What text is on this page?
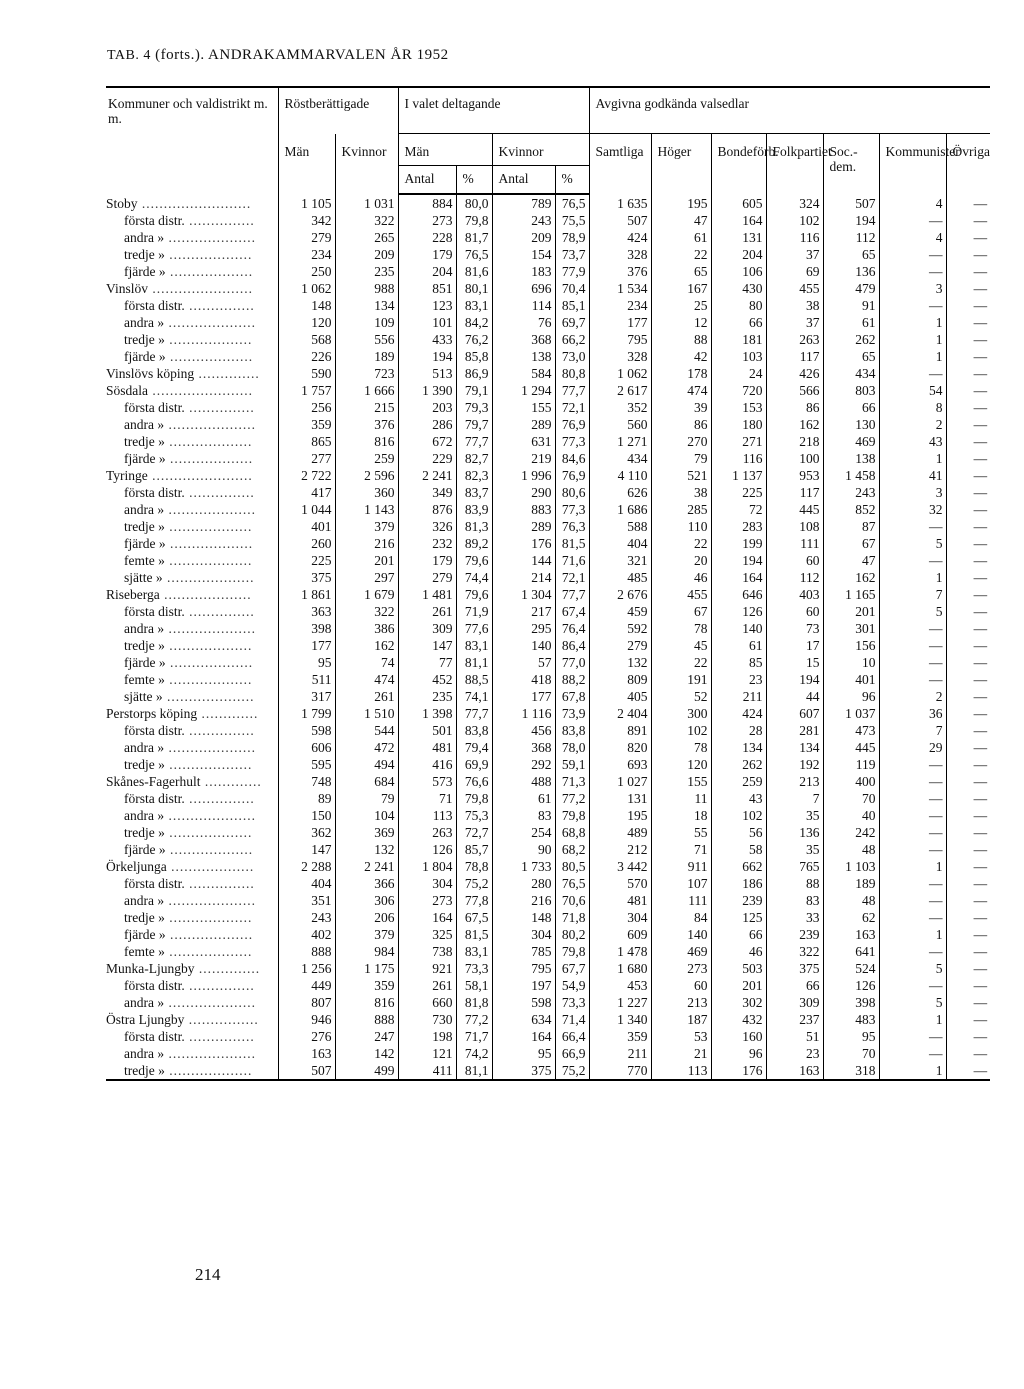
TAB. 4 (forts.). ANDRAKAMMARVALEN ÅR 1952
Kommuner och valdistrikt m. m.	Röstberättigade		I valet deltagande				Avgivna godkända valsedlar						
	Män	Kvinnor	Män		Kvinnor		Samtliga	Höger	Bondeförb.	Folkpartiet	Soc.-dem.	Kommunister	Övriga
			Antal	%	Antal	%							
Stoby .........................	1 105	1 031	884	80,0	789	76,5	1 635	195	605	324	507	4	—
första distr. ...............	342	322	273	79,8	243	75,5	507	47	164	102	194	—	—
andra » ....................	279	265	228	81,7	209	78,9	424	61	131	116	112	4	—
tredje » ...................	234	209	179	76,5	154	73,7	328	22	204	37	65	—	—
fjärde » ...................	250	235	204	81,6	183	77,9	376	65	106	69	136	—	—
Vinslöv .......................	1 062	988	851	80,1	696	70,4	1 534	167	430	455	479	3	—
första distr. ...............	148	134	123	83,1	114	85,1	234	25	80	38	91	—	—
andra » ....................	120	109	101	84,2	76	69,7	177	12	66	37	61	1	—
tredje » ...................	568	556	433	76,2	368	66,2	795	88	181	263	262	1	—
fjärde » ...................	226	189	194	85,8	138	73,0	328	42	103	117	65	1	—
Vinslövs köping ..............	590	723	513	86,9	584	80,8	1 062	178	24	426	434	—	—
Sösdala .......................	1 757	1 666	1 390	79,1	1 294	77,7	2 617	474	720	566	803	54	—
första distr. ...............	256	215	203	79,3	155	72,1	352	39	153	86	66	8	—
andra » ....................	359	376	286	79,7	289	76,9	560	86	180	162	130	2	—
tredje » ...................	865	816	672	77,7	631	77,3	1 271	270	271	218	469	43	—
fjärde » ...................	277	259	229	82,7	219	84,6	434	79	116	100	138	1	—
Tyringe .......................	2 722	2 596	2 241	82,3	1 996	76,9	4 110	521	1 137	953	1 458	41	—
första distr. ...............	417	360	349	83,7	290	80,6	626	38	225	117	243	3	—
andra » ....................	1 044	1 143	876	83,9	883	77,3	1 686	285	72	445	852	32	—
tredje » ...................	401	379	326	81,3	289	76,3	588	110	283	108	87	—	—
fjärde » ...................	260	216	232	89,2	176	81,5	404	22	199	111	67	5	—
femte » ...................	225	201	179	79,6	144	71,6	321	20	194	60	47	—	—
sjätte » ....................	375	297	279	74,4	214	72,1	485	46	164	112	162	1	—
Riseberga ....................	1 861	1 679	1 481	79,6	1 304	77,7	2 676	455	646	403	1 165	7	—
första distr. ...............	363	322	261	71,9	217	67,4	459	67	126	60	201	5	—
andra » ....................	398	386	309	77,6	295	76,4	592	78	140	73	301	—	—
tredje » ...................	177	162	147	83,1	140	86,4	279	45	61	17	156	—	—
fjärde » ...................	95	74	77	81,1	57	77,0	132	22	85	15	10	—	—
femte » ...................	511	474	452	88,5	418	88,2	809	191	23	194	401	—	—
sjätte » ....................	317	261	235	74,1	177	67,8	405	52	211	44	96	2	—
Perstorps köping .............	1 799	1 510	1 398	77,7	1 116	73,9	2 404	300	424	607	1 037	36	—
första distr. ...............	598	544	501	83,8	456	83,8	891	102	28	281	473	7	—
andra » ....................	606	472	481	79,4	368	78,0	820	78	134	134	445	29	—
tredje » ...................	595	494	416	69,9	292	59,1	693	120	262	192	119	—	—
Skånes-Fagerhult .............	748	684	573	76,6	488	71,3	1 027	155	259	213	400	—	—
första distr. ...............	89	79	71	79,8	61	77,2	131	11	43	7	70	—	—
andra » ....................	150	104	113	75,3	83	79,8	195	18	102	35	40	—	—
tredje » ...................	362	369	263	72,7	254	68,8	489	55	56	136	242	—	—
fjärde » ...................	147	132	126	85,7	90	68,2	212	71	58	35	48	—	—
Örkeljunga ...................	2 288	2 241	1 804	78,8	1 733	80,5	3 442	911	662	765	1 103	1	—
första distr. ...............	404	366	304	75,2	280	76,5	570	107	186	88	189	—	—
andra » ....................	351	306	273	77,8	216	70,6	481	111	239	83	48	—	—
tredje » ...................	243	206	164	67,5	148	71,8	304	84	125	33	62	—	—
fjärde » ...................	402	379	325	81,5	304	80,2	609	140	66	239	163	1	—
femte » ...................	888	984	738	83,1	785	79,8	1 478	469	46	322	641	—	—
Munka-Ljungby ..............	1 256	1 175	921	73,3	795	67,7	1 680	273	503	375	524	5	—
första distr. ...............	449	359	261	58,1	197	54,9	453	60	201	66	126	—	—
andra » ....................	807	816	660	81,8	598	73,3	1 227	213	302	309	398	5	—
Östra Ljungby ................	946	888	730	77,2	634	71,4	1 340	187	432	237	483	1	—
första distr. ...............	276	247	198	71,7	164	66,4	359	53	160	51	95	—	—
andra » ....................	163	142	121	74,2	95	66,9	211	21	96	23	70	—	—
tredje » ...................	507	499	411	81,1	375	75,2	770	113	176	163	318	1	—
214
